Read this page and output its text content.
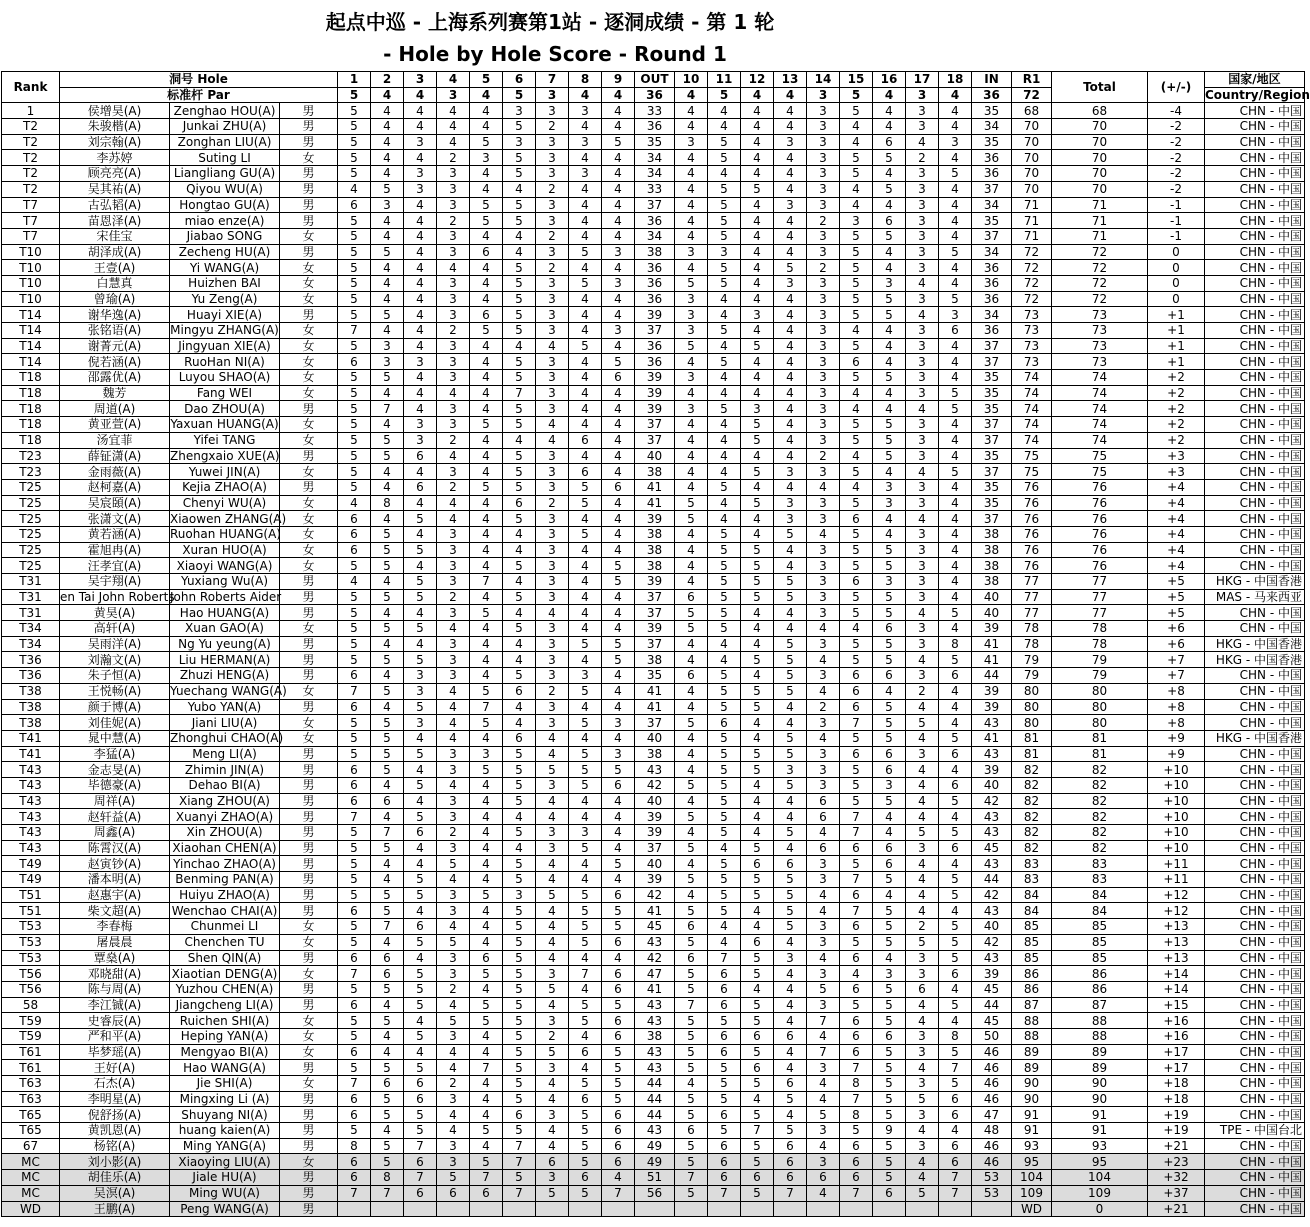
起点中巡 - 上海系列赛第1站 - 逐洞成绩 - 第 1 轮
- Hole by Hole Score - Round 1
Rank	洞号 Hole			1	2	3	4	5	6	7	8	9	OUT	10	11	12	13	14	15	16	17	18	IN	R1	Total	(+/-)	国家/地区
	标准杆 Par			5	4	4	3	4	5	3	4	4	36	4	5	4	4	3	5	4	3	4	36	72			Country/Region
1	侯增昊(A)	Zenghao HOU(A)	男	5	4	4	4	4	3	3	3	4	33	4	4	4	4	3	5	4	3	4	35	68	68	-4	CHN - 中国
T2	朱骏楷(A)	Junkai ZHU(A)	男	5	4	4	4	4	5	2	4	4	36	4	4	4	4	3	4	4	3	4	34	70	70	-2	CHN - 中国
T2	刘宗翰(A)	Zonghan LIU(A)	男	5	4	3	4	5	3	3	3	5	35	3	5	4	3	3	4	6	4	3	35	70	70	-2	CHN - 中国
T2	李苏婷	Suting LI	女	5	4	4	2	3	5	3	4	4	34	4	5	4	4	3	5	5	2	4	36	70	70	-2	CHN - 中国
T2	顾亮亮(A)	Liangliang GU(A)	男	5	4	3	3	4	5	3	3	4	34	4	4	4	4	3	5	4	3	5	36	70	70	-2	CHN - 中国
T2	吴其祐(A)	Qiyou WU(A)	男	4	5	3	3	4	4	2	4	4	33	4	5	5	4	3	4	5	3	4	37	70	70	-2	CHN - 中国
T7	古弘韬(A)	Hongtao GU(A)	男	6	3	4	3	5	5	3	4	4	37	4	5	4	3	3	4	4	3	4	34	71	71	-1	CHN - 中国
T7	苗恩泽(A)	miao enze(A)	男	5	4	4	2	5	5	3	4	4	36	4	5	4	4	2	3	6	3	4	35	71	71	-1	CHN - 中国
T7	宋佳宝	Jiabao SONG	女	5	4	4	3	4	4	2	4	4	34	4	5	4	4	3	5	5	3	4	37	71	71	-1	CHN - 中国
T10	胡泽成(A)	Zecheng HU(A)	男	5	5	4	3	6	4	3	5	3	38	3	3	4	4	3	5	4	3	5	34	72	72	0	CHN - 中国
T10	王壹(A)	Yi WANG(A)	女	5	4	4	4	4	5	2	4	4	36	4	5	4	5	2	5	4	3	4	36	72	72	0	CHN - 中国
T10	白慧真	Huizhen BAI	女	5	4	4	3	4	5	3	5	3	36	5	5	4	3	3	5	3	4	4	36	72	72	0	CHN - 中国
T10	曾瑜(A)	Yu Zeng(A)	女	5	4	4	3	4	5	3	4	4	36	3	4	4	4	3	5	5	3	5	36	72	72	0	CHN - 中国
T14	谢华逸(A)	Huayi XIE(A)	男	5	5	4	3	6	5	3	4	4	39	3	4	3	4	3	5	5	4	3	34	73	73	+1	CHN - 中国
T14	张铭语(A)	Mingyu ZHANG(A)	女	7	4	4	2	5	5	3	4	3	37	3	5	4	4	3	4	4	3	6	36	73	73	+1	CHN - 中国
T14	谢菁元(A)	Jingyuan XIE(A)	女	5	3	4	3	4	4	4	5	4	36	5	4	5	4	3	5	4	3	4	37	73	73	+1	CHN - 中国
T14	倪若涵(A)	RuoHan NI(A)	女	6	3	3	3	4	5	3	4	5	36	4	5	4	4	3	6	4	3	4	37	73	73	+1	CHN - 中国
T18	邵露优(A)	Luyou SHAO(A)	女	5	5	4	3	4	5	3	4	6	39	3	4	4	4	3	5	5	3	4	35	74	74	+2	CHN - 中国
T18	魏芳	Fang WEI	女	5	4	4	4	4	7	3	4	4	39	4	4	4	4	3	4	4	3	5	35	74	74	+2	CHN - 中国
T18	周道(A)	Dao ZHOU(A)	男	5	7	4	3	4	5	3	4	4	39	3	5	3	4	3	4	4	4	5	35	74	74	+2	CHN - 中国
T18	黄亚萱(A)	Yaxuan HUANG(A)	女	5	4	3	3	5	5	4	4	4	37	4	4	5	4	3	5	5	3	4	37	74	74	+2	CHN - 中国
T18	汤宜菲	Yifei TANG	女	5	5	3	2	4	4	4	6	4	37	4	4	5	4	3	5	5	3	4	37	74	74	+2	CHN - 中国
T23	薛钲潇(A)	Zhengxaio XUE(A)	男	5	5	6	4	4	5	3	4	4	40	4	4	4	4	2	4	5	3	4	35	75	75	+3	CHN - 中国
T23	金雨薇(A)	Yuwei JIN(A)	女	5	4	4	3	4	5	3	6	4	38	4	4	5	3	3	5	4	4	5	37	75	75	+3	CHN - 中国
T25	赵柯嘉(A)	Kejia ZHAO(A)	男	5	4	6	2	5	5	3	5	6	41	4	5	4	4	4	4	3	3	4	35	76	76	+4	CHN - 中国
T25	吴宸頣(A)	Chenyi WU(A)	女	4	8	4	4	4	6	2	5	4	41	5	4	5	3	3	5	3	3	4	35	76	76	+4	CHN - 中国
T25	张潇文(A)	Xiaowen ZHANG(A)	女	6	4	5	4	4	5	3	4	4	39	5	4	4	3	3	6	4	4	4	37	76	76	+4	CHN - 中国
T25	黄若涵(A)	Ruohan HUANG(A)	女	6	5	4	3	4	4	3	5	4	38	4	5	4	5	4	5	4	3	4	38	76	76	+4	CHN - 中国
T25	霍旭冉(A)	Xuran HUO(A)	女	6	5	5	3	4	4	3	4	4	38	4	5	5	4	3	5	5	3	4	38	76	76	+4	CHN - 中国
T25	汪孝宜(A)	Xiaoyi WANG(A)	女	5	5	4	3	4	5	3	4	5	38	4	5	5	4	3	5	5	3	4	38	76	76	+4	CHN - 中国
T31	吴宇翔(A)	Yuxiang Wu(A)	男	4	4	5	3	7	4	3	4	5	39	4	5	5	5	3	6	3	3	4	38	77	77	+5	HKG - 中国香港
T31	en Tai John Roberts	John Roberts Aider	男	5	5	5	2	4	5	3	4	4	37	6	5	5	5	3	5	5	3	4	40	77	77	+5	MAS - 马来西亚
T31	黄昊(A)	Hao HUANG(A)	男	5	4	4	3	5	4	4	4	4	37	5	5	4	4	3	5	5	4	5	40	77	77	+5	CHN - 中国
T34	高轩(A)	Xuan GAO(A)	女	5	5	5	4	4	5	3	4	4	39	5	5	4	4	4	4	6	3	4	39	78	78	+6	CHN - 中国
T34	吴雨洋(A)	Ng Yu yeung(A)	男	5	4	4	3	4	4	3	5	5	37	4	4	4	5	3	5	5	3	8	41	78	78	+6	HKG - 中国香港
T36	刘瀚文(A)	Liu HERMAN(A)	男	5	5	5	3	4	4	3	4	5	38	4	4	5	5	4	5	5	4	5	41	79	79	+7	HKG - 中国香港
T36	朱子恒(A)	Zhuzi HENG(A)	男	6	4	3	3	4	5	3	3	4	35	6	5	4	5	3	6	6	3	6	44	79	79	+7	CHN - 中国
T38	王悦畅(A)	Yuechang WANG(A)	女	7	5	3	4	5	6	2	5	4	41	4	5	5	5	4	6	4	2	4	39	80	80	+8	CHN - 中国
T38	颜于博(A)	Yubo YAN(A)	男	6	4	5	4	7	4	3	4	4	41	4	5	5	4	2	6	5	4	4	39	80	80	+8	CHN - 中国
T38	刘佳妮(A)	Jiani LIU(A)	女	5	5	3	4	5	4	3	5	3	37	5	6	4	4	3	7	5	5	4	43	80	80	+8	CHN - 中国
T41	晁中慧(A)	Zhonghui CHAO(A)	女	5	5	4	4	4	6	4	4	4	40	4	5	4	5	4	5	5	4	5	41	81	81	+9	HKG - 中国香港
T41	李猛(A)	Meng LI(A)	男	5	5	5	3	3	5	4	5	3	38	4	5	5	5	3	6	6	3	6	43	81	81	+9	CHN - 中国
T43	金志旻(A)	Zhimin JIN(A)	男	6	5	4	3	5	5	5	5	5	43	4	5	5	3	3	5	6	4	4	39	82	82	+10	CHN - 中国
T43	毕德豪(A)	Dehao BI(A)	男	6	4	5	4	4	5	3	5	6	42	5	5	4	5	3	5	3	4	6	40	82	82	+10	CHN - 中国
T43	周祥(A)	Xiang ZHOU(A)	男	6	6	4	3	4	5	4	4	4	40	4	5	4	4	6	5	5	4	5	42	82	82	+10	CHN - 中国
T43	赵轩益(A)	Xuanyi ZHAO(A)	男	7	4	5	3	4	4	4	4	4	39	5	5	4	4	6	7	4	4	4	43	82	82	+10	CHN - 中国
T43	周鑫(A)	Xin ZHOU(A)	男	5	7	6	2	4	5	3	3	4	39	4	5	4	5	4	7	4	5	5	43	82	82	+10	CHN - 中国
T43	陈霄汉(A)	Xiaohan CHEN(A)	男	5	5	4	3	4	4	3	5	4	37	5	4	5	4	6	6	6	3	6	45	82	82	+10	CHN - 中国
T49	赵寅钞(A)	Yinchao ZHAO(A)	男	5	4	4	5	4	5	4	4	5	40	4	5	6	6	3	5	6	4	4	43	83	83	+11	CHN - 中国
T49	潘本明(A)	Benming PAN(A)	男	5	4	5	4	4	5	4	4	4	39	5	5	5	5	3	7	5	4	5	44	83	83	+11	CHN - 中国
T51	赵惠宇(A)	Huiyu ZHAO(A)	男	5	5	5	3	5	3	5	5	6	42	4	5	5	5	4	6	4	4	5	42	84	84	+12	CHN - 中国
T51	柴文超(A)	Wenchao CHAI(A)	男	6	5	4	3	4	5	4	5	5	41	5	5	4	5	4	7	5	4	4	43	84	84	+12	CHN - 中国
T53	李春梅	Chunmei LI	女	5	7	6	4	4	5	4	5	5	45	6	4	4	5	3	6	5	2	5	40	85	85	+13	CHN - 中国
T53	屠晨晨	Chenchen TU	女	5	4	5	5	4	5	4	5	6	43	5	4	6	4	3	5	5	5	5	42	85	85	+13	CHN - 中国
T53	覃燊(A)	Shen QIN(A)	男	6	6	4	3	6	5	4	4	4	42	6	7	5	3	4	6	4	3	5	43	85	85	+13	CHN - 中国
T56	邓晓甜(A)	Xiaotian DENG(A)	女	7	6	5	3	5	5	3	7	6	47	5	6	5	4	3	4	3	3	6	39	86	86	+14	CHN - 中国
T56	陈与周(A)	Yuzhou CHEN(A)	男	5	5	5	2	4	5	5	4	6	41	5	6	4	4	5	6	5	6	4	45	86	86	+14	CHN - 中国
58	李江铖(A)	Jiangcheng LI(A)	男	6	4	5	4	5	5	4	5	5	43	7	6	5	4	3	5	5	4	5	44	87	87	+15	CHN - 中国
T59	史睿辰(A)	Ruichen SHI(A)	女	5	5	4	5	5	5	3	5	6	43	5	5	5	4	7	6	5	4	4	45	88	88	+16	CHN - 中国
T59	严和平(A)	Heping YAN(A)	女	5	4	5	3	4	5	2	4	6	38	5	6	6	6	4	6	6	3	8	50	88	88	+16	CHN - 中国
T61	毕梦瑶(A)	Mengyao BI(A)	女	6	4	4	4	4	5	5	6	5	43	5	6	5	4	7	6	5	3	5	46	89	89	+17	CHN - 中国
T61	王好(A)	Hao WANG(A)	男	5	5	5	4	7	5	3	4	5	43	5	5	6	4	3	7	5	4	7	46	89	89	+17	CHN - 中国
T63	石杰(A)	Jie SHI(A)	女	7	6	6	2	4	5	4	5	5	44	4	5	5	6	4	8	5	3	5	46	90	90	+18	CHN - 中国
T63	李明星(A)	Mingxing Li (A)	男	6	5	6	3	4	5	4	6	5	44	5	5	4	5	4	7	5	5	6	46	90	90	+18	CHN - 中国
T65	倪舒扬(A)	Shuyang NI(A)	男	6	5	5	4	4	6	3	5	6	44	5	6	5	4	5	8	5	3	6	47	91	91	+19	CHN - 中国
T65	黄凯恩(A)	huang kaien(A)	男	5	4	5	4	5	5	4	5	6	43	6	5	7	5	3	5	9	4	4	48	91	91	+19	TPE - 中国台北
67	杨铭(A)	Ming YANG(A)	男	8	5	7	3	4	7	4	5	6	49	5	6	5	6	4	6	5	3	6	46	93	93	+21	CHN - 中国
MC	刘小影(A)	Xiaoying LIU(A)	女	6	5	6	3	5	7	6	5	6	49	5	6	5	6	3	6	5	4	6	46	95	95	+23	CHN - 中国
MC	胡佳乐(A)	Jiale HU(A)	男	6	8	7	5	7	5	3	6	4	51	7	6	6	6	6	6	5	4	7	53	104	104	+32	CHN - 中国
MC	吴溟(A)	Ming WU(A)	男	7	7	6	6	6	7	5	5	7	56	5	7	5	7	4	7	6	5	7	53	109	109	+37	CHN - 中国
WD	王鹏(A)	Peng WANG(A)	男																					WD	0	+21	CHN - 中国
